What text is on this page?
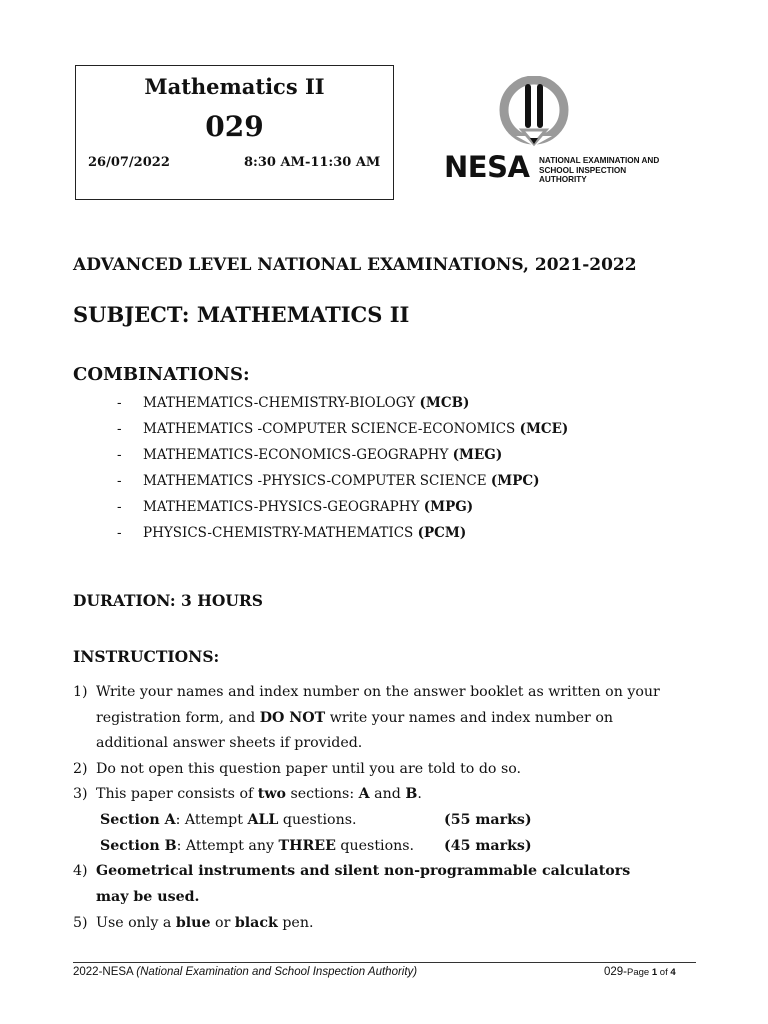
Mathematics II
029
26/07/2022	8:30 AM-11:30 AM NESA NATIONAL EXAMINATION AND
SCHOOL INSPECTION
AUTHORITY
ADVANCED LEVEL NATIONAL EXAMINATIONS, 2021-2022
SUBJECT: MATHEMATICS II
COMBINATIONS:
- MATHEMATICS-CHEMISTRY-BIOLOGY (MCB)
- MATHEMATICS -COMPUTER SCIENCE-ECONOMICS (MCE)
- MATHEMATICS-ECONOMICS-GEOGRAPHY (MEG)
- MATHEMATICS -PHYSICS-COMPUTER SCIENCE (MPC)
- MATHEMATICS-PHYSICS-GEOGRAPHY (MPG)
- PHYSICS-CHEMISTRY-MATHEMATICS (PCM)
DURATION: 3 HOURS
INSTRUCTIONS:
1) Write your names and index number on the answer booklet as written on your
registration form, and DO NOT write your names and index number on
additional answer sheets if provided.
2) Do not open this question paper until you are told to do so.
3) This paper consists of two sections: A and B.
Section A: Attempt ALL questions.	(55 marks)
Section B: Attempt any THREE questions. (45 marks)
4) Geometrical instruments and silent non-programmable calculators
may be used.
5) Use only a blue or black pen.
2022-NESA (National Examination and School Inspection Authority)	029-Page 1 of 4
